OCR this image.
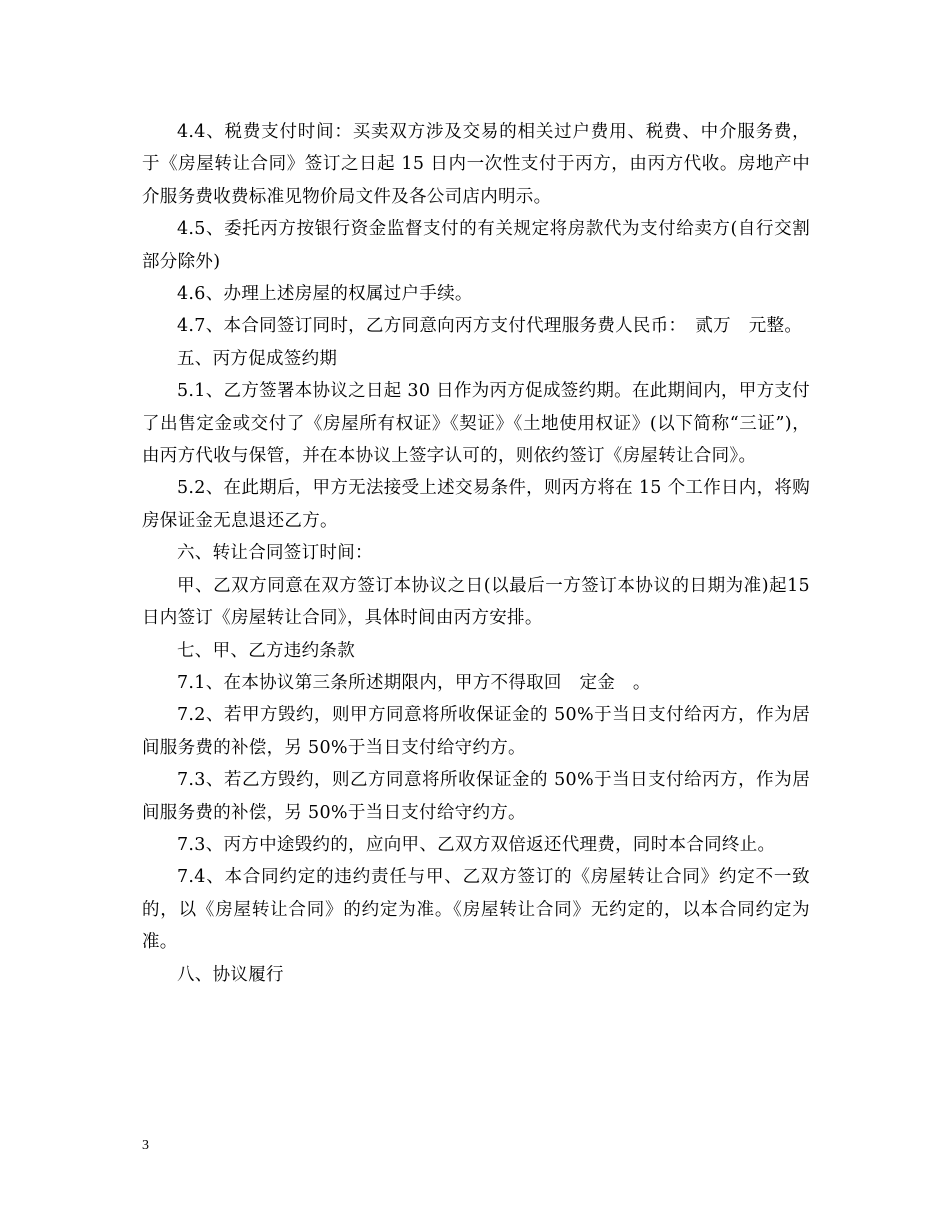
4.4、税费支付时间：买卖双方涉及交易的相关过户费用、税费、中介服务费，于《房屋转让合同》签订之日起 15 日内一次性支付于丙方，由丙方代收。房地产中介服务费收费标准见物价局文件及各公司店内明示。

4.5、委托丙方按银行资金监督支付的有关规定将房款代为支付给卖方(自行交割部分除外)

4.6、办理上述房屋的权属过户手续。

4.7、本合同签订同时，乙方同意向丙方支付代理服务费人民币：　贰万　元整。

五、丙方促成签约期

5.1、乙方签署本协议之日起 30 日作为丙方促成签约期。在此期间内，甲方支付了出售定金或交付了《房屋所有权证》《契证》《土地使用权证》(以下简称“三证”)，由丙方代收与保管，并在本协议上签字认可的，则依约签订《房屋转让合同》。

5.2、在此期后，甲方无法接受上述交易条件，则丙方将在 15 个工作日内，将购房保证金无息退还乙方。

六、转让合同签订时间：

甲、乙双方同意在双方签订本协议之日(以最后一方签订本协议的日期为准)起15 日内签订《房屋转让合同》，具体时间由丙方安排。

七、甲、乙方违约条款

7.1、在本协议第三条所述期限内，甲方不得取回　定金　。

7.2、若甲方毁约，则甲方同意将所收保证金的 50%于当日支付给丙方，作为居间服务费的补偿，另 50%于当日支付给守约方。

7.3、若乙方毁约，则乙方同意将所收保证金的 50%于当日支付给丙方，作为居间服务费的补偿，另 50%于当日支付给守约方。

7.3、丙方中途毁约的，应向甲、乙双方双倍返还代理费，同时本合同终止。

7.4、本合同约定的违约责任与甲、乙双方签订的《房屋转让合同》约定不一致的，以《房屋转让合同》的约定为准。《房屋转让合同》无约定的，以本合同约定为准。

八、协议履行

3
